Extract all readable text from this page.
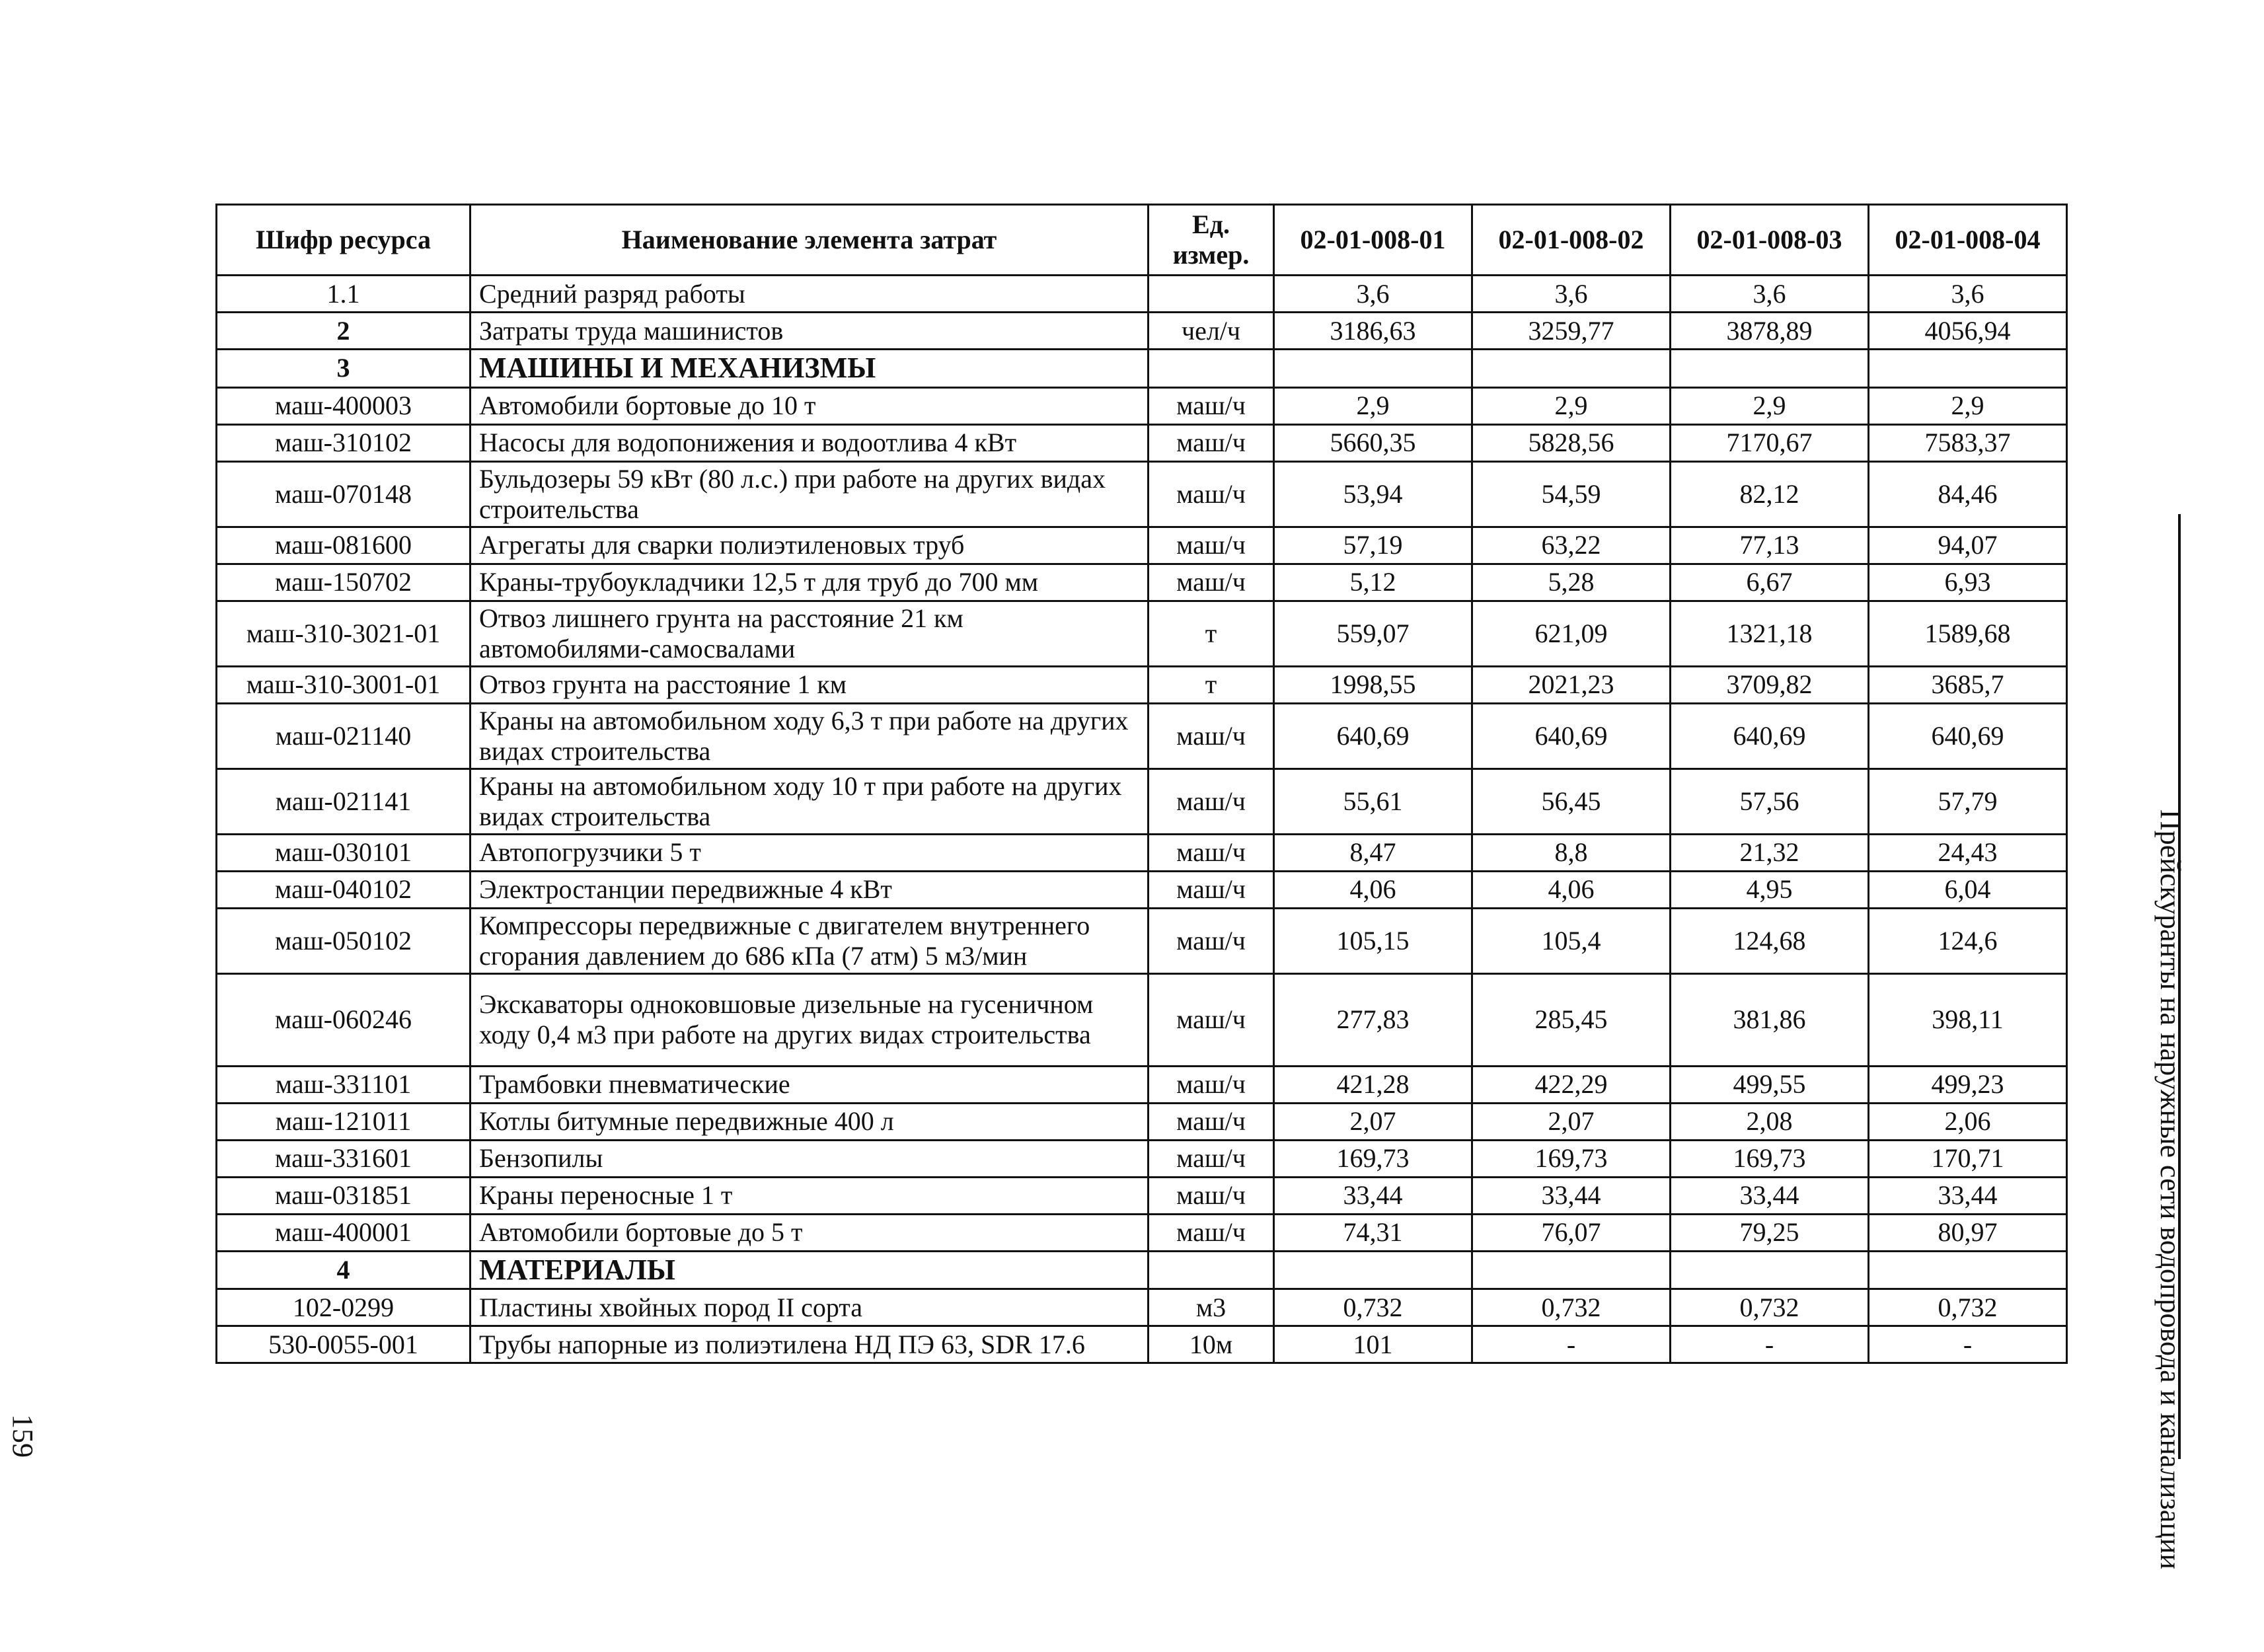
Шифр ресурса	Наименование элемента затрат	Ед. измер.	02-01-008-01	02-01-008-02	02-01-008-03	02-01-008-04
1.1	Средний разряд работы		3,6	3,6	3,6	3,6
2	Затраты труда машинистов	чел/ч	3186,63	3259,77	3878,89	4056,94
3	МАШИНЫ И МЕХАНИЗМЫ					
маш-400003	Автомобили бортовые до 10 т	маш/ч	2,9	2,9	2,9	2,9
маш-310102	Насосы для водопонижения и водоотлива 4 кВт	маш/ч	5660,35	5828,56	7170,67	7583,37
маш-070148	Бульдозеры 59 кВт (80 л.с.) при работе на других видах строительства	маш/ч	53,94	54,59	82,12	84,46
маш-081600	Агрегаты для сварки полиэтиленовых труб	маш/ч	57,19	63,22	77,13	94,07
маш-150702	Краны-трубоукладчики 12,5 т для труб до 700 мм	маш/ч	5,12	5,28	6,67	6,93
маш-310-3021-01	Отвоз лишнего грунта на расстояние 21 км автомобилями-самосвалами	т	559,07	621,09	1321,18	1589,68
маш-310-3001-01	Отвоз грунта на расстояние 1 км	т	1998,55	2021,23	3709,82	3685,7
маш-021140	Краны на автомобильном ходу 6,3 т при работе на других видах строительства	маш/ч	640,69	640,69	640,69	640,69
маш-021141	Краны на автомобильном ходу 10 т при работе на других видах строительства	маш/ч	55,61	56,45	57,56	57,79
маш-030101	Автопогрузчики 5 т	маш/ч	8,47	8,8	21,32	24,43
маш-040102	Электростанции передвижные 4 кВт	маш/ч	4,06	4,06	4,95	6,04
маш-050102	Компрессоры передвижные с двигателем внутреннего сгорания давлением до 686 кПа (7 атм) 5 м3/мин	маш/ч	105,15	105,4	124,68	124,6
маш-060246	Экскаваторы одноковшовые дизельные на гусеничном ходу 0,4 м3 при работе на других видах строительства	маш/ч	277,83	285,45	381,86	398,11
маш-331101	Трамбовки пневматические	маш/ч	421,28	422,29	499,55	499,23
маш-121011	Котлы битумные передвижные 400 л	маш/ч	2,07	2,07	2,08	2,06
маш-331601	Бензопилы	маш/ч	169,73	169,73	169,73	170,71
маш-031851	Краны переносные 1 т	маш/ч	33,44	33,44	33,44	33,44
маш-400001	Автомобили бортовые до 5 т	маш/ч	74,31	76,07	79,25	80,97
4	МАТЕРИАЛЫ					
102-0299	Пластины хвойных пород II сорта	м3	0,732	0,732	0,732	0,732
530-0055-001	Трубы напорные из полиэтилена НД ПЭ 63, SDR 17.6	10м	101	-	-	-	Прейскуранты на наружные сети водопровода и канализации
159
